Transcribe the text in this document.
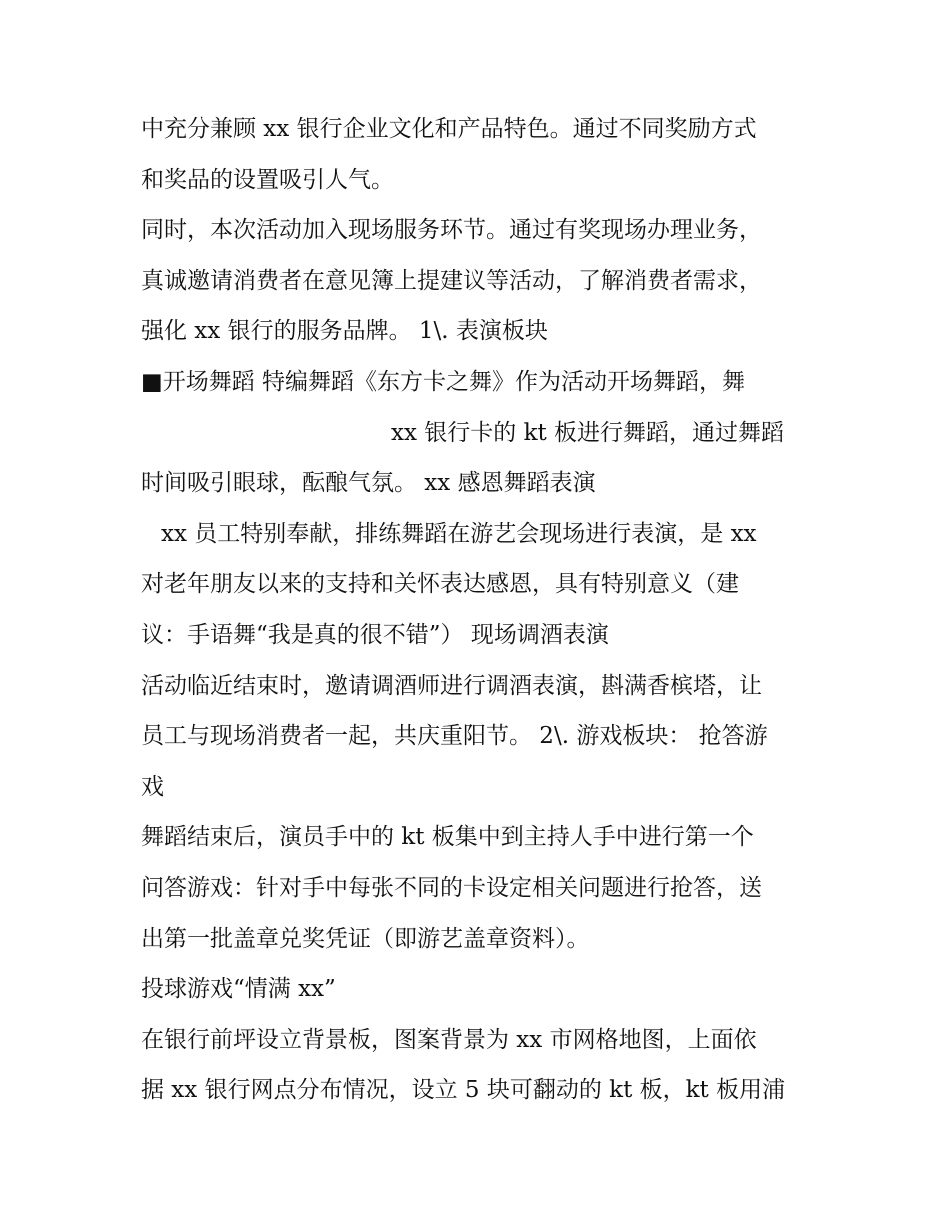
中充分兼顾 xx 银行企业文化和产品特色。通过不同奖励方式
和奖品的设置吸引人气。
同时，本次活动加入现场服务环节。通过有奖现场办理业务，
真诚邀请消费者在意见簿上提建议等活动，了解消费者需求，
强化 xx 银行的服务品牌。 1\. 表演板块
■开场舞蹈 特编舞蹈《东方卡之舞》作为活动开场舞蹈，舞
xx 银行卡的 kt 板进行舞蹈，通过舞蹈
时间吸引眼球，酝酿气氛。 xx 感恩舞蹈表演
xx 员工特别奉献，排练舞蹈在游艺会现场进行表演，是 xx
对老年朋友以来的支持和关怀表达感恩，具有特别意义（建
议：手语舞“我是真的很不错”） 现场调酒表演
活动临近结束时，邀请调酒师进行调酒表演，斟满香槟塔，让
员工与现场消费者一起，共庆重阳节。 2\. 游戏板块： 抢答游
戏
舞蹈结束后，演员手中的 kt 板集中到主持人手中进行第一个
问答游戏：针对手中每张不同的卡设定相关问题进行抢答，送
出第一批盖章兑奖凭证（即游艺盖章资料）。
投球游戏“情满 xx”
在银行前坪设立背景板，图案背景为 xx 市网格地图，上面依
据 xx 银行网点分布情况，设立 5 块可翻动的 kt 板，kt 板用浦
